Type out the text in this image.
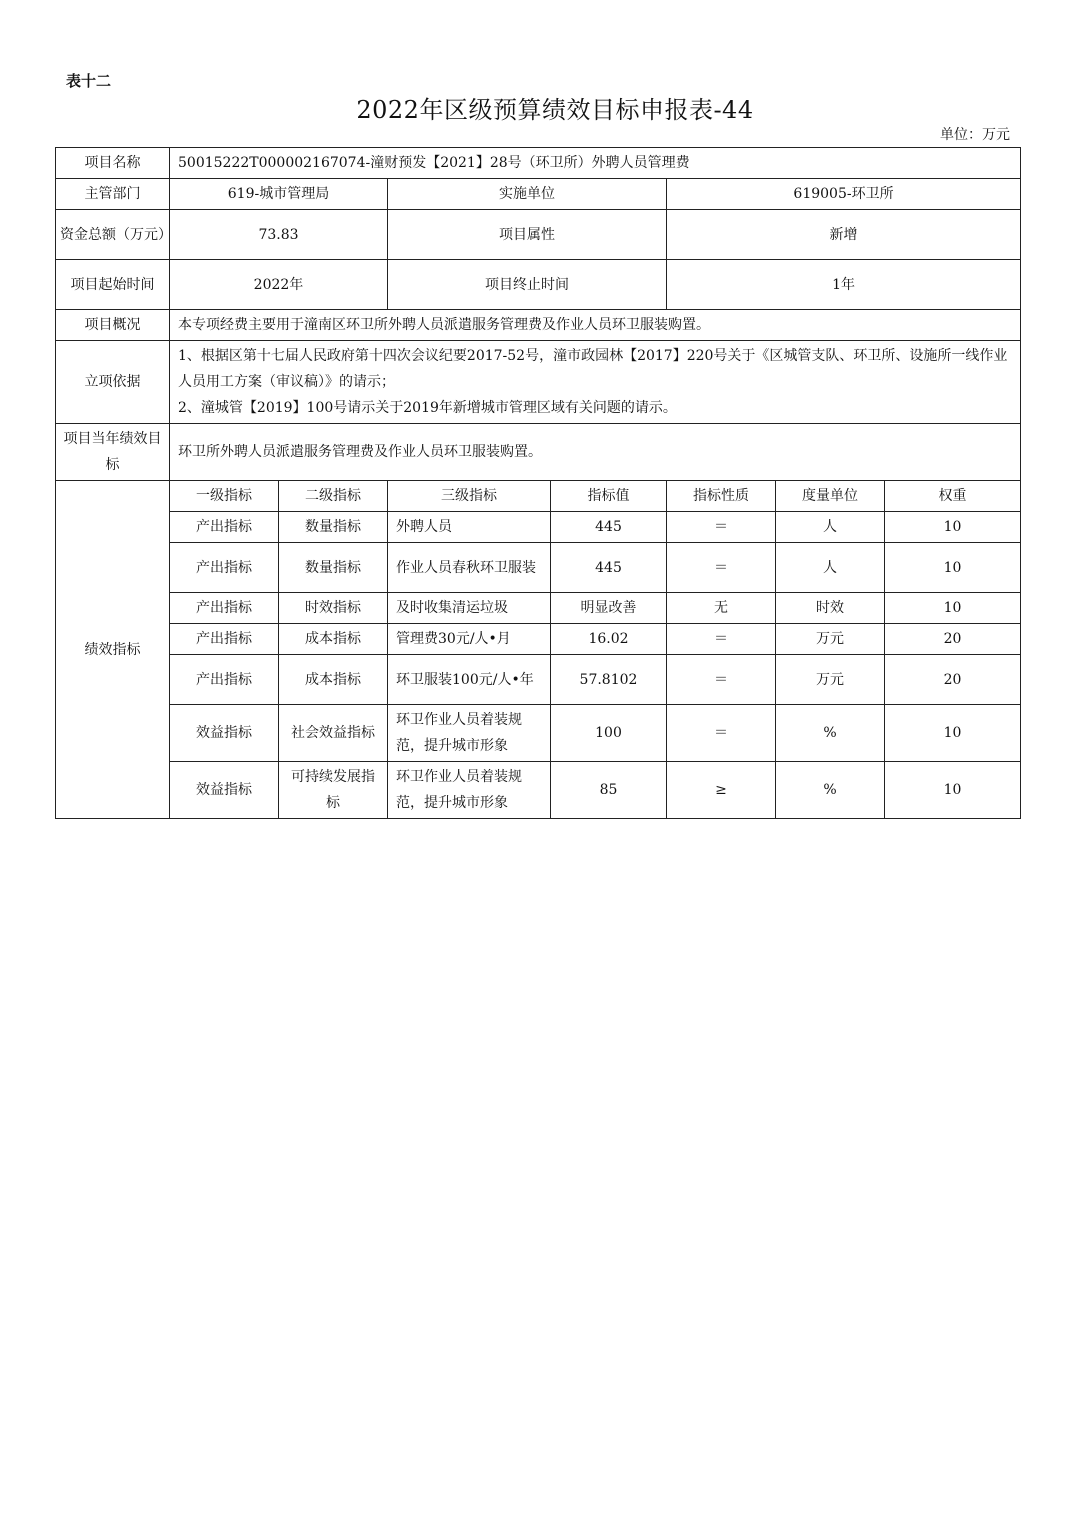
表十二
2022年区级预算绩效目标申报表-44
单位：万元
项目名称	50015222T000002167074-潼财预发【2021】28号（环卫所）外聘人员管理费						
主管部门	619-城市管理局		实施单位		619005-环卫所		
资金总额（万元）	73.83		项目属性		新增		
项目起始时间	2022年		项目终止时间		1年		
项目概况	本专项经费主要用于潼南区环卫所外聘人员派遣服务管理费及作业人员环卫服装购置。						
立项依据	1、根据区第十七届人民政府第十四次会议纪要2017-52号，潼市政园林【2017】220号关于《区城管支队、环卫所、设施所一线作业人员用工方案（审议稿）》的请示；
2、潼城管【2019】100号请示关于2019年新增城市管理区域有关问题的请示。						

项目当年绩效目标	环卫所外聘人员派遣服务管理费及作业人员环卫服装购置。						
绩效指标	一级指标	二级指标	三级指标	指标值	指标性质	度量单位	权重
	产出指标	数量指标	外聘人员	445	＝	人	10
	产出指标	数量指标	作业人员春秋环卫服装	445	＝	人	10
	产出指标	时效指标	及时收集清运垃圾	明显改善	无	时效	10
	产出指标	成本指标	管理费30元/人•月	16.02	＝	万元	20
	产出指标	成本指标	环卫服装100元/人•年	57.8102	＝	万元	20
	效益指标	社会效益指标	环卫作业人员着装规范，提升城市形象	100	＝	%	10
	效益指标	可持续发展指标	环卫作业人员着装规范，提升城市形象	85	≥	%	10
